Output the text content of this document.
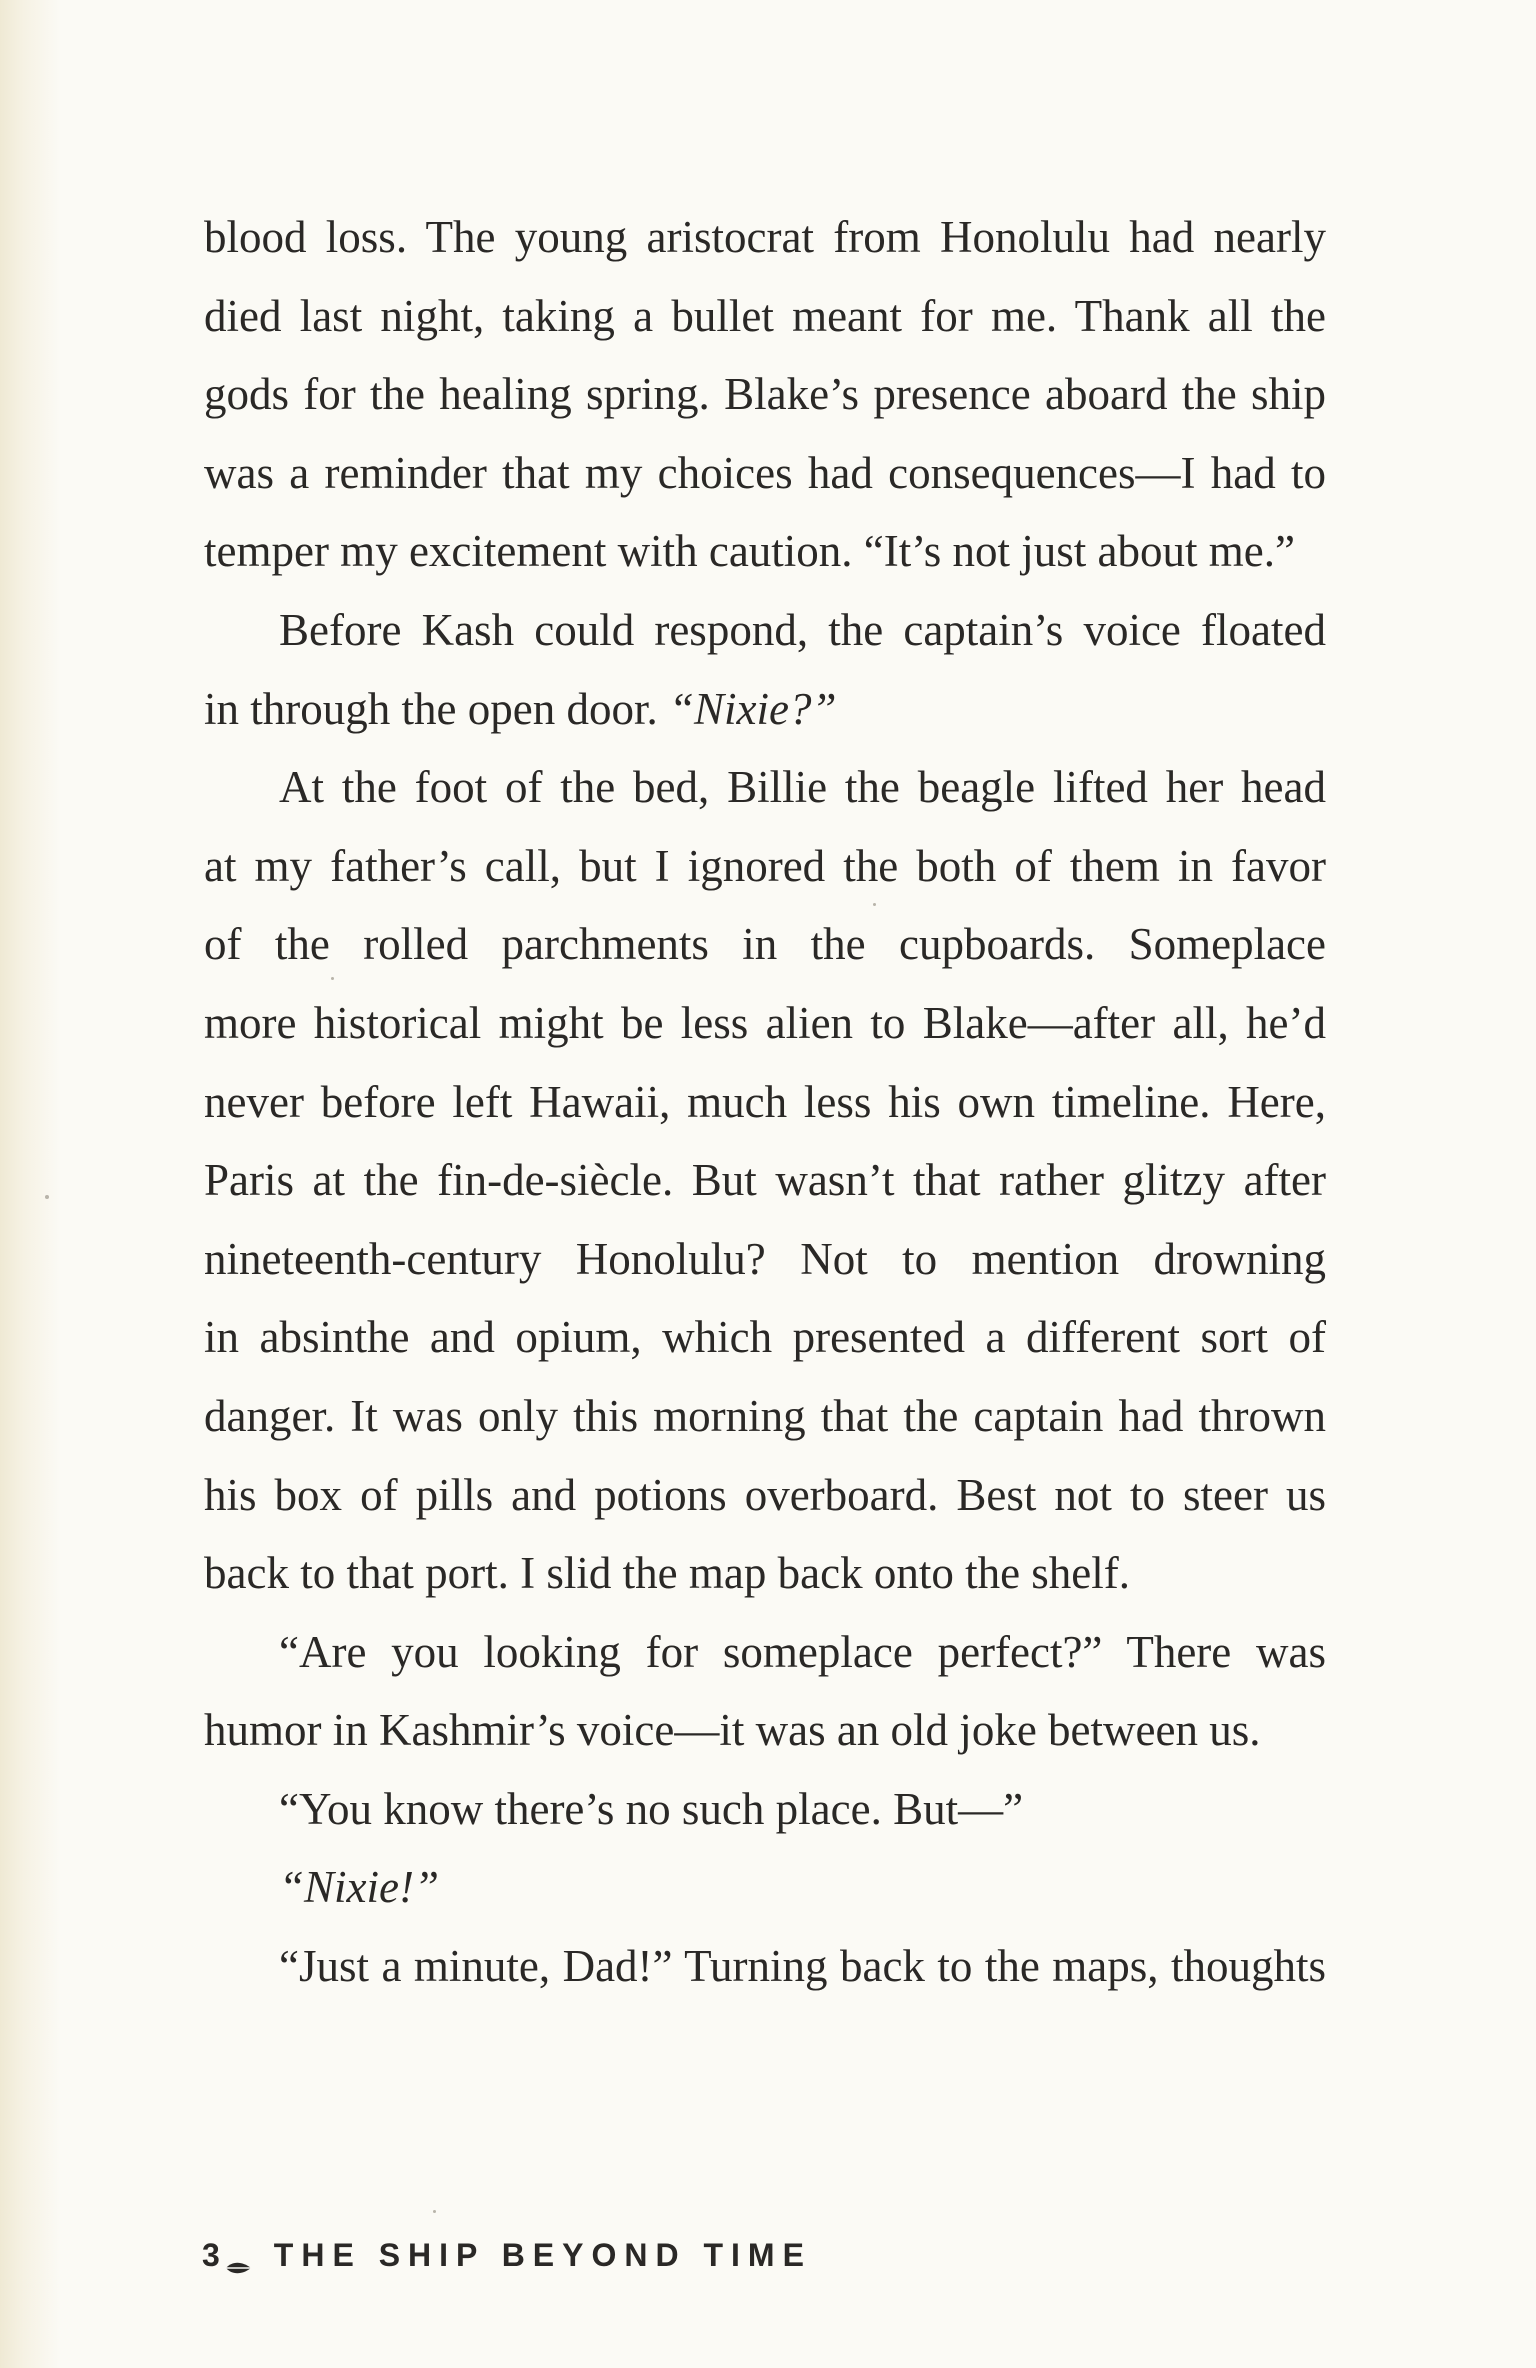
blood loss. The young aristocrat from Honolulu had nearly
died last night, taking a bullet meant for me. Thank all the
gods for the healing spring. Blake’s presence aboard the ship
was a reminder that my choices had consequences—I had to
temper my excitement with caution. “It’s not just about me.”
Before Kash could respond, the captain’s voice floated
in through the open door. “Nixie?”
At the foot of the bed, Billie the beagle lifted her head
at my father’s call, but I ignored the both of them in favor
of the rolled parchments in the cupboards. Someplace
more historical might be less alien to Blake—after all, he’d
never before left Hawaii, much less his own timeline. Here,
Paris at the fin-de-siècle. But wasn’t that rather glitzy after
nineteenth-century Honolulu? Not to mention drowning
in absinthe and opium, which presented a different sort of
danger. It was only this morning that the captain had thrown
his box of pills and potions overboard. Best not to steer us
back to that port. I slid the map back onto the shelf.
“Are you looking for someplace perfect?” There was
humor in Kashmir’s voice—it was an old joke between us.
“You know there’s no such place. But—”
“Nixie!”
“Just a minute, Dad!” Turning back to the maps, thoughts
3 THE SHIP BEYOND TIME
